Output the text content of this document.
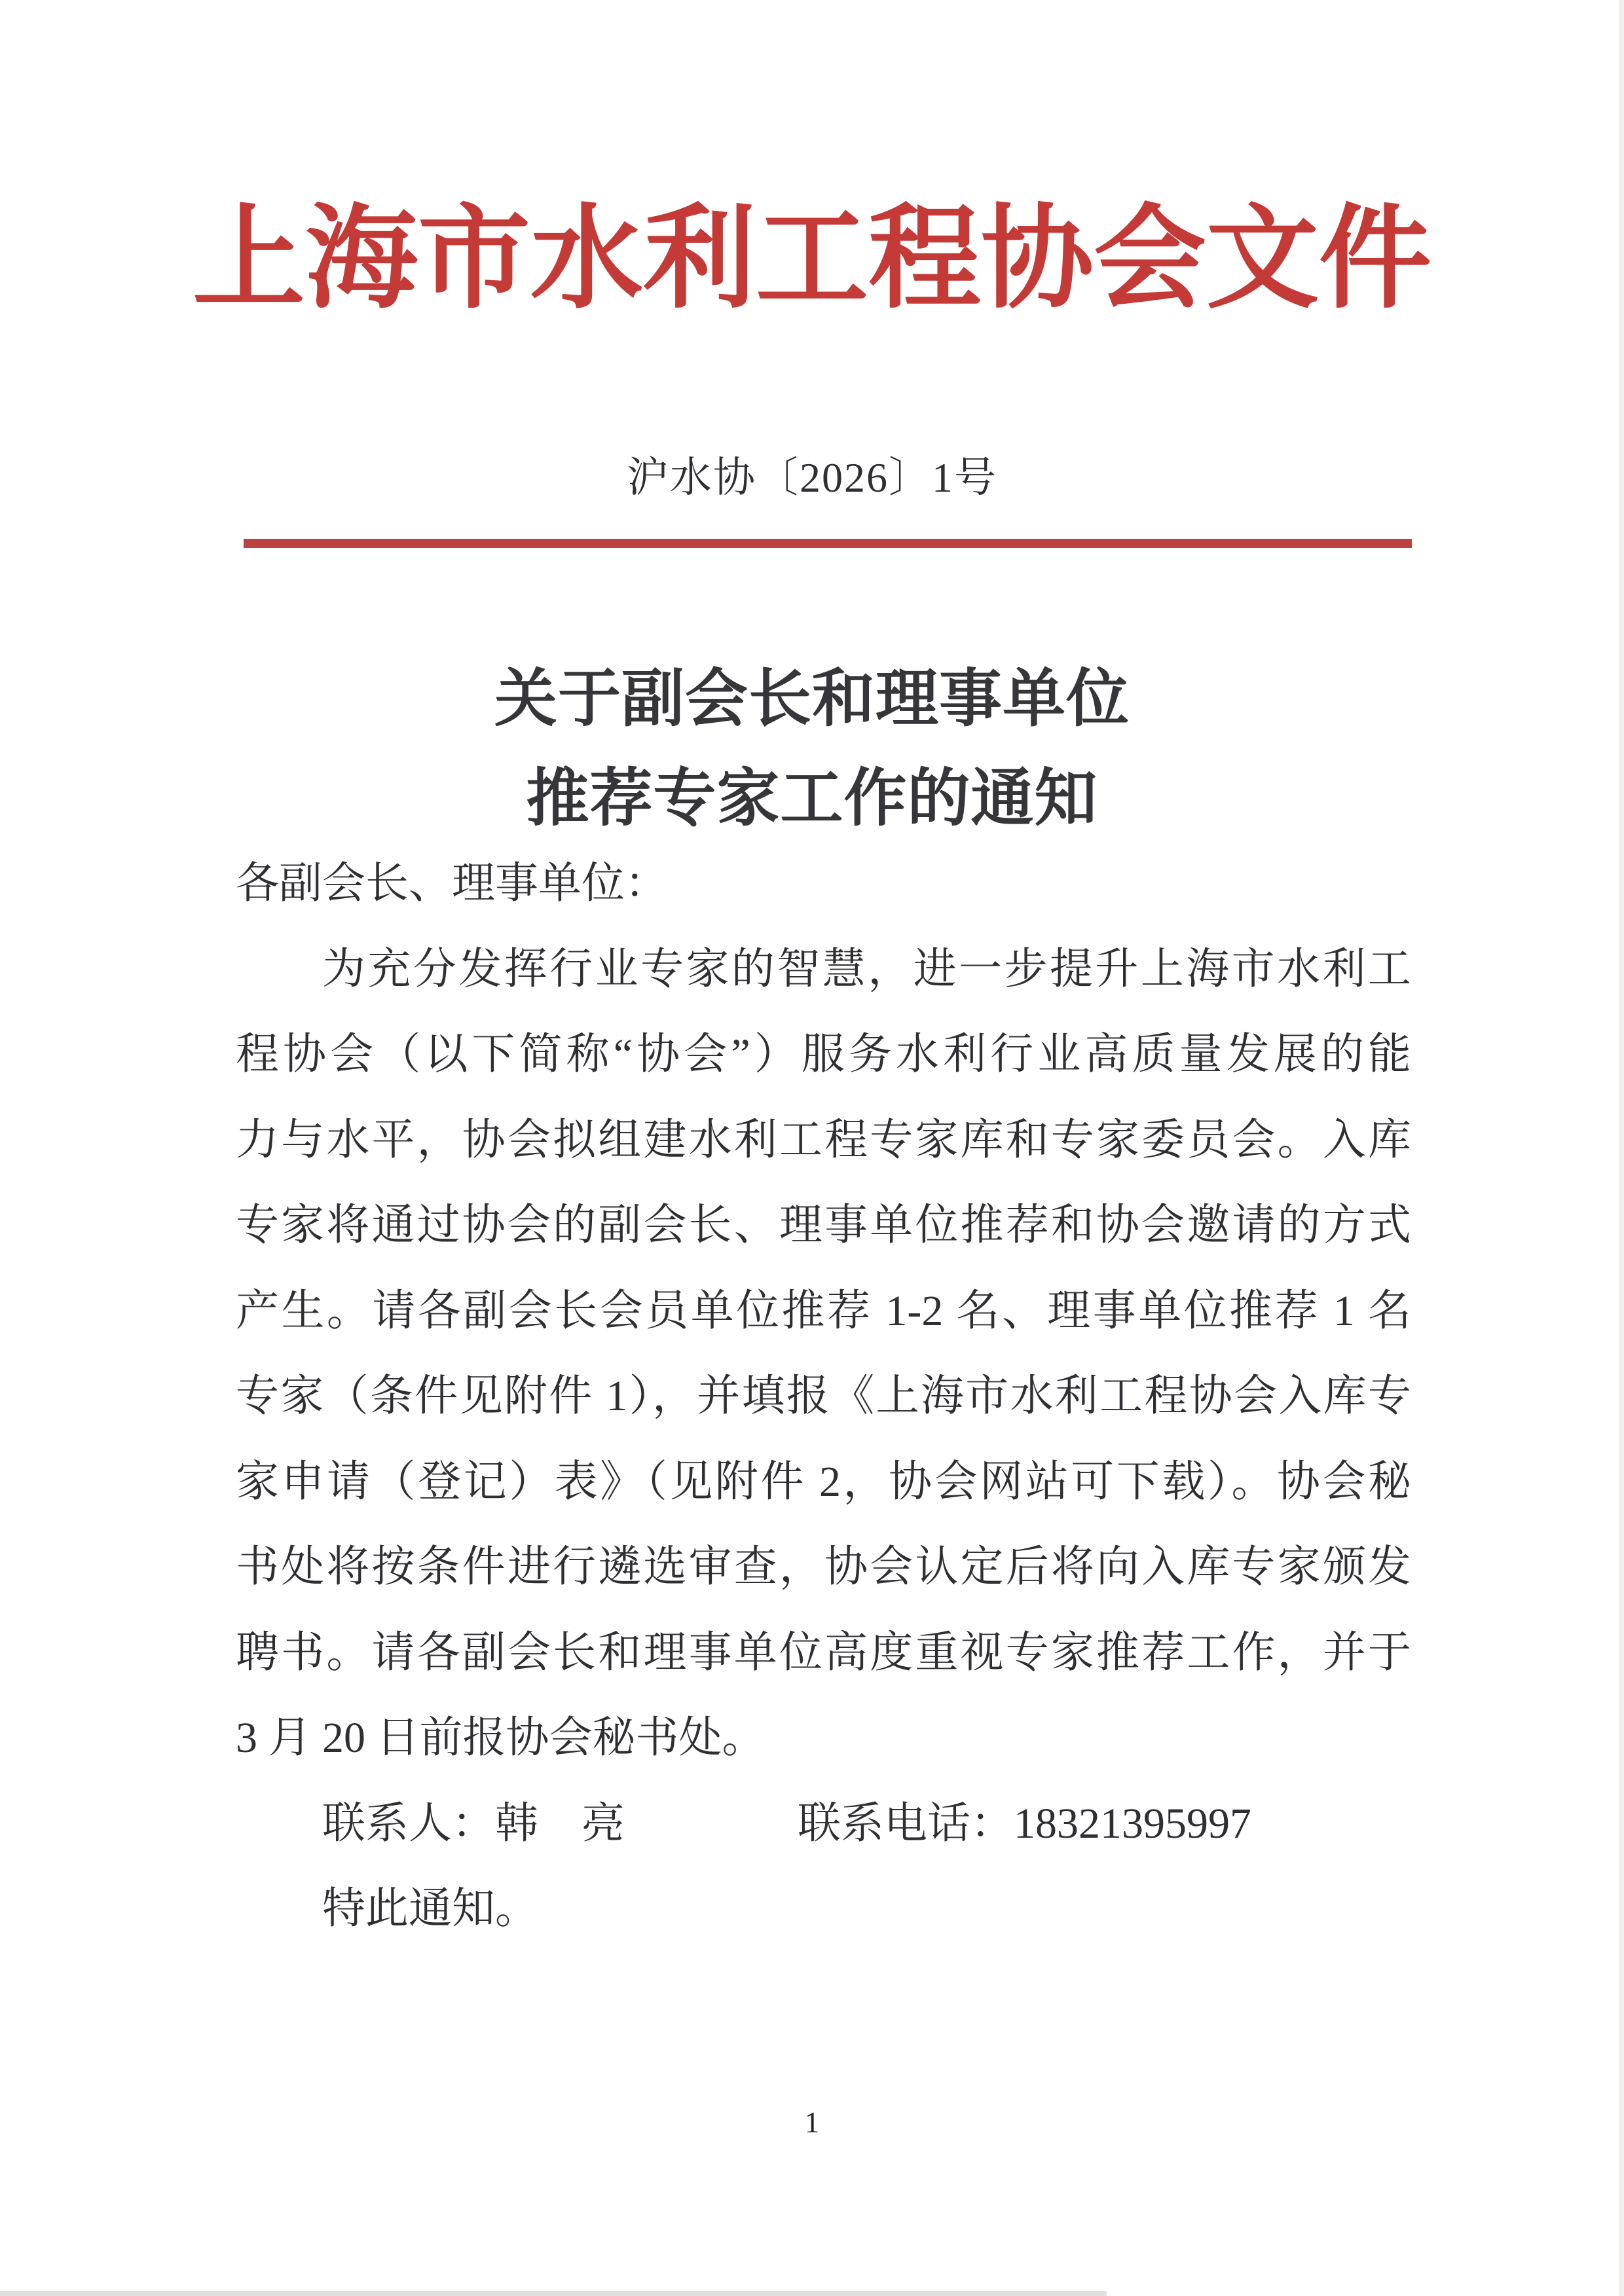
上海市水利工程协会文件
沪水协〔2026〕1号
关于副会长和理事单位
推荐专家工作的通知
各副会长、理事单位：
为充分发挥行业专家的智慧，进一步提升上海市水利工
程协会（以下简称“协会”）服务水利行业高质量发展的能
力与水平，协会拟组建水利工程专家库和专家委员会。入库
专家将通过协会的副会长、理事单位推荐和协会邀请的方式
产生。请各副会长会员单位推荐 1-2 名、理事单位推荐 1 名
专家（条件见附件 1），并填报《上海市水利工程协会入库专
家申请（登记）表》（见附件 2，协会网站可下载）。协会秘
书处将按条件进行遴选审查，协会认定后将向入库专家颁发
聘书。请各副会长和理事单位高度重视专家推荐工作，并于
3 月 20 日前报协会秘书处。
联系人：韩　亮　　　　联系电话：18321395997
特此通知。
1
